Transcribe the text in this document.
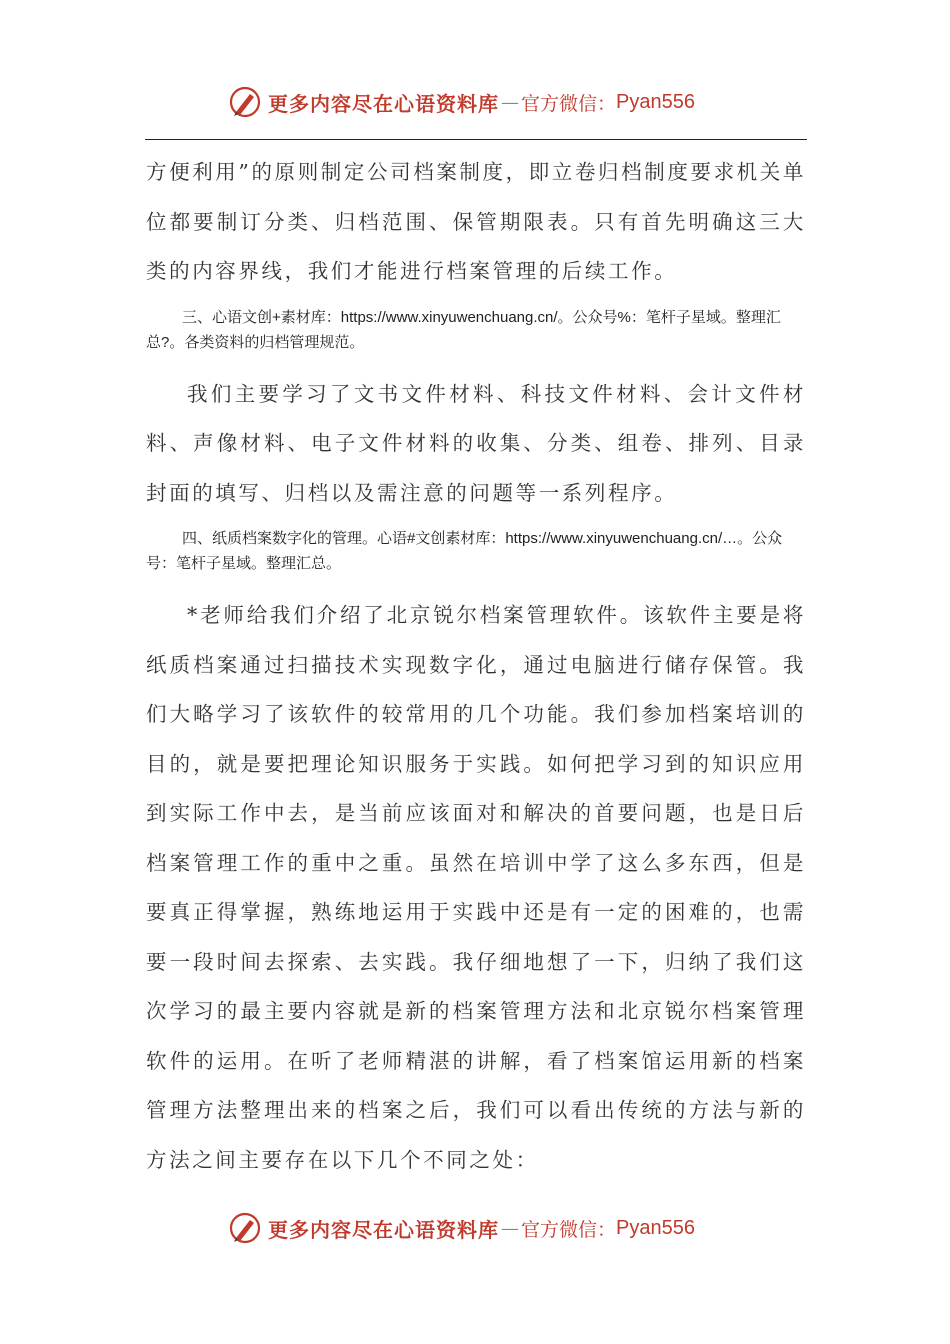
更多内容尽在心语资料库 — 官方微信： Pyan556

方便利用”的原则制定公司档案制度，即立卷归档制度要求机关单位都要制订分类、归档范围、保管期限表。只有首先明确这三大类的内容界线，我们才能进行档案管理的后续工作。

三、心语文创+素材库：https://www.xinyuwenchuang.cn/。公众号%：笔杆子星域。整理汇总?。各类资料的归档管理规范。

我们主要学习了文书文件材料、科技文件材料、会计文件材料、声像材料、电子文件材料的收集、分类、组卷、排列、目录封面的填写、归档以及需注意的问题等一系列程序。

四、纸质档案数字化的管理。心语#文创素材库：https://www.xinyuwenchuang.cn/…。公众号：笔杆子星域。整理汇总。

*老师给我们介绍了北京锐尔档案管理软件。该软件主要是将纸质档案通过扫描技术实现数字化，通过电脑进行储存保管。我们大略学习了该软件的较常用的几个功能。我们参加档案培训的目的，就是要把理论知识服务于实践。如何把学习到的知识应用到实际工作中去，是当前应该面对和解决的首要问题，也是日后档案管理工作的重中之重。虽然在培训中学了这么多东西，但是要真正得掌握，熟练地运用于实践中还是有一定的困难的，也需要一段时间去探索、去实践。我仔细地想了一下，归纳了我们这次学习的最主要内容就是新的档案管理方法和北京锐尔档案管理软件的运用。在听了老师精湛的讲解，看了档案馆运用新的档案管理方法整理出来的档案之后，我们可以看出传统的方法与新的方法之间主要存在以下几个不同之处：

更多内容尽在心语资料库 — 官方微信： Pyan556
